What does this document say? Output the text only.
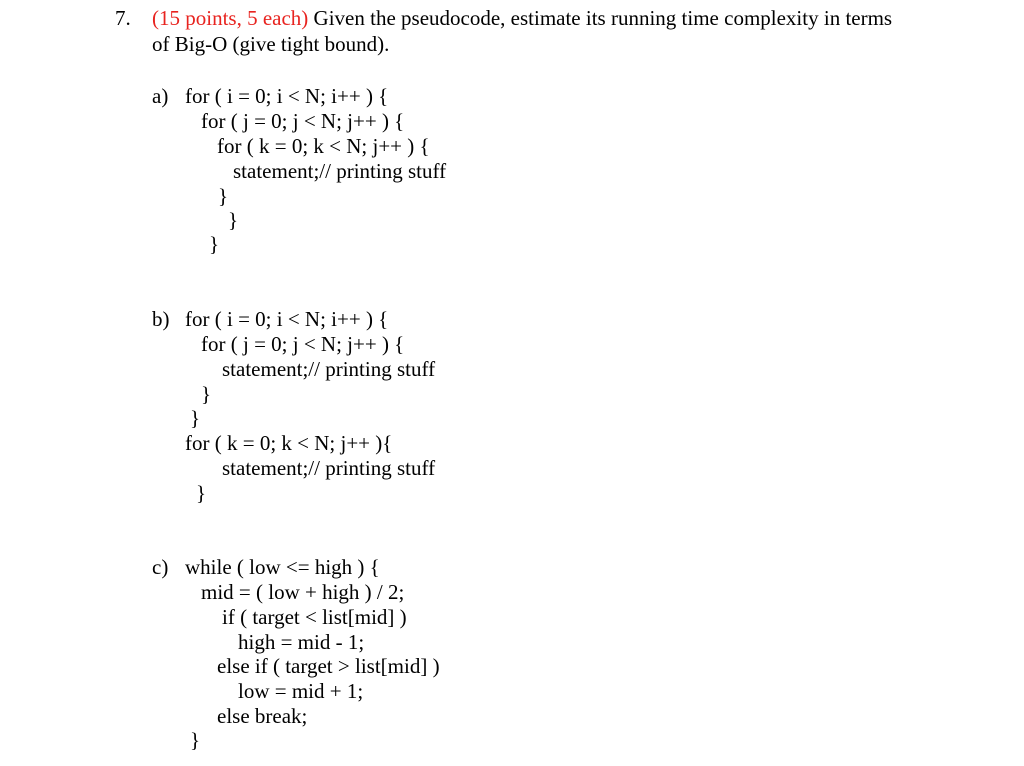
7. (15 points, 5 each) Given the pseudocode, estimate its running time complexity in terms
of Big-O (give tight bound).
a) for ( i = 0; i < N; i++ ) {
for ( j = 0; j < N; j++ ) {
for ( k = 0; k < N; j++ ) {
statement;// printing stuff
}
}
}
b) for ( i = 0; i < N; i++ ) {
for ( j = 0; j < N; j++ ) {
statement;// printing stuff
}
}
for ( k = 0; k < N; j++ ){
statement;// printing stuff
}
c) while ( low <= high ) {
mid = ( low + high ) / 2;
if ( target < list[mid] )
high = mid - 1;
else if ( target > list[mid] )
low = mid + 1;
else break;
}
